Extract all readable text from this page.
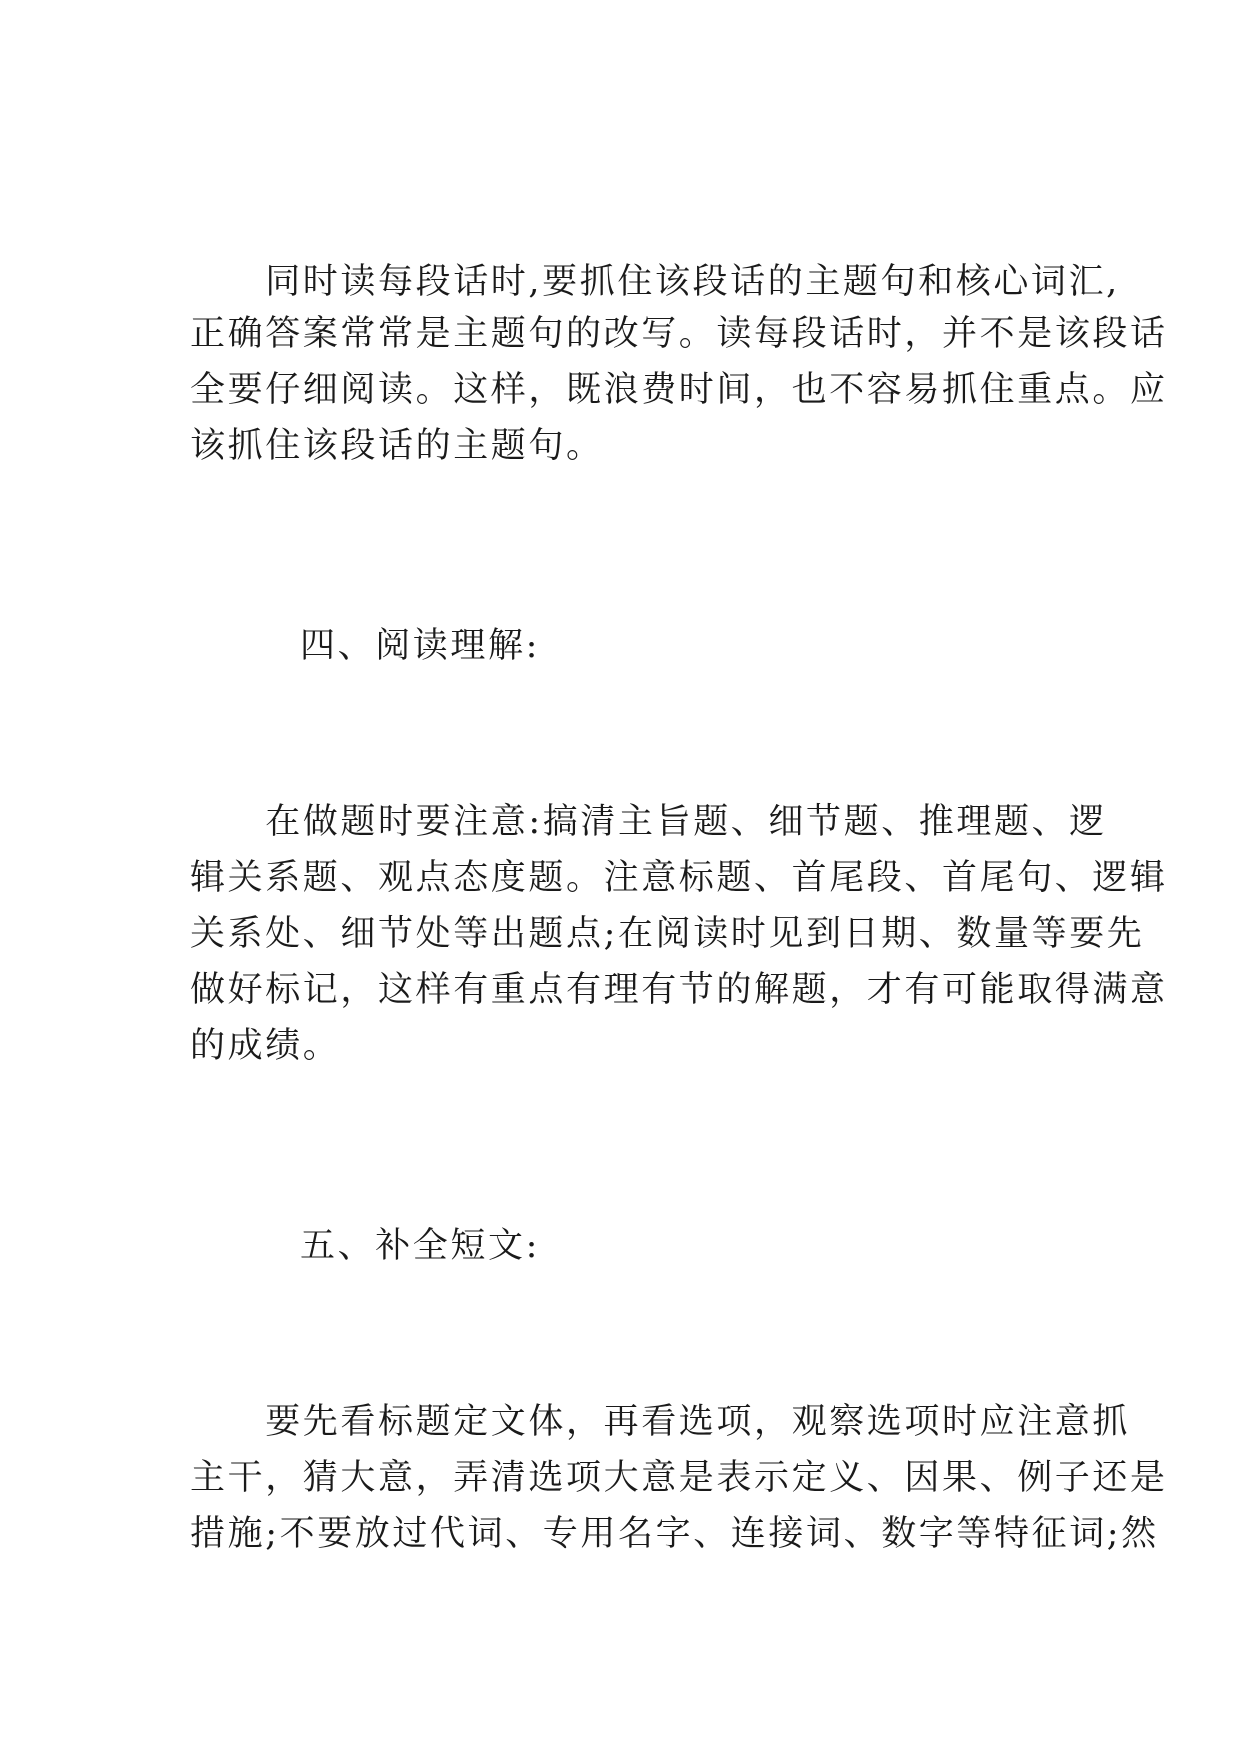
　　同时读每段话时,要抓住该段话的主题句和核心词汇,

正确答案常常是主题句的改写。读每段话时，并不是该段话

全要仔细阅读。这样，既浪费时间，也不容易抓住重点。应

该抓住该段话的主题句。

四、阅读理解:

　　在做题时要注意:搞清主旨题、细节题、推理题、逻

辑关系题、观点态度题。注意标题、首尾段、首尾句、逻辑

关系处、细节处等出题点;在阅读时见到日期、数量等要先

做好标记，这样有重点有理有节的解题，才有可能取得满意

的成绩。

五、补全短文:

　　要先看标题定文体，再看选项，观察选项时应注意抓

主干，猜大意，弄清选项大意是表示定义、因果、例子还是

措施;不要放过代词、专用名字、连接词、数字等特征词;然
